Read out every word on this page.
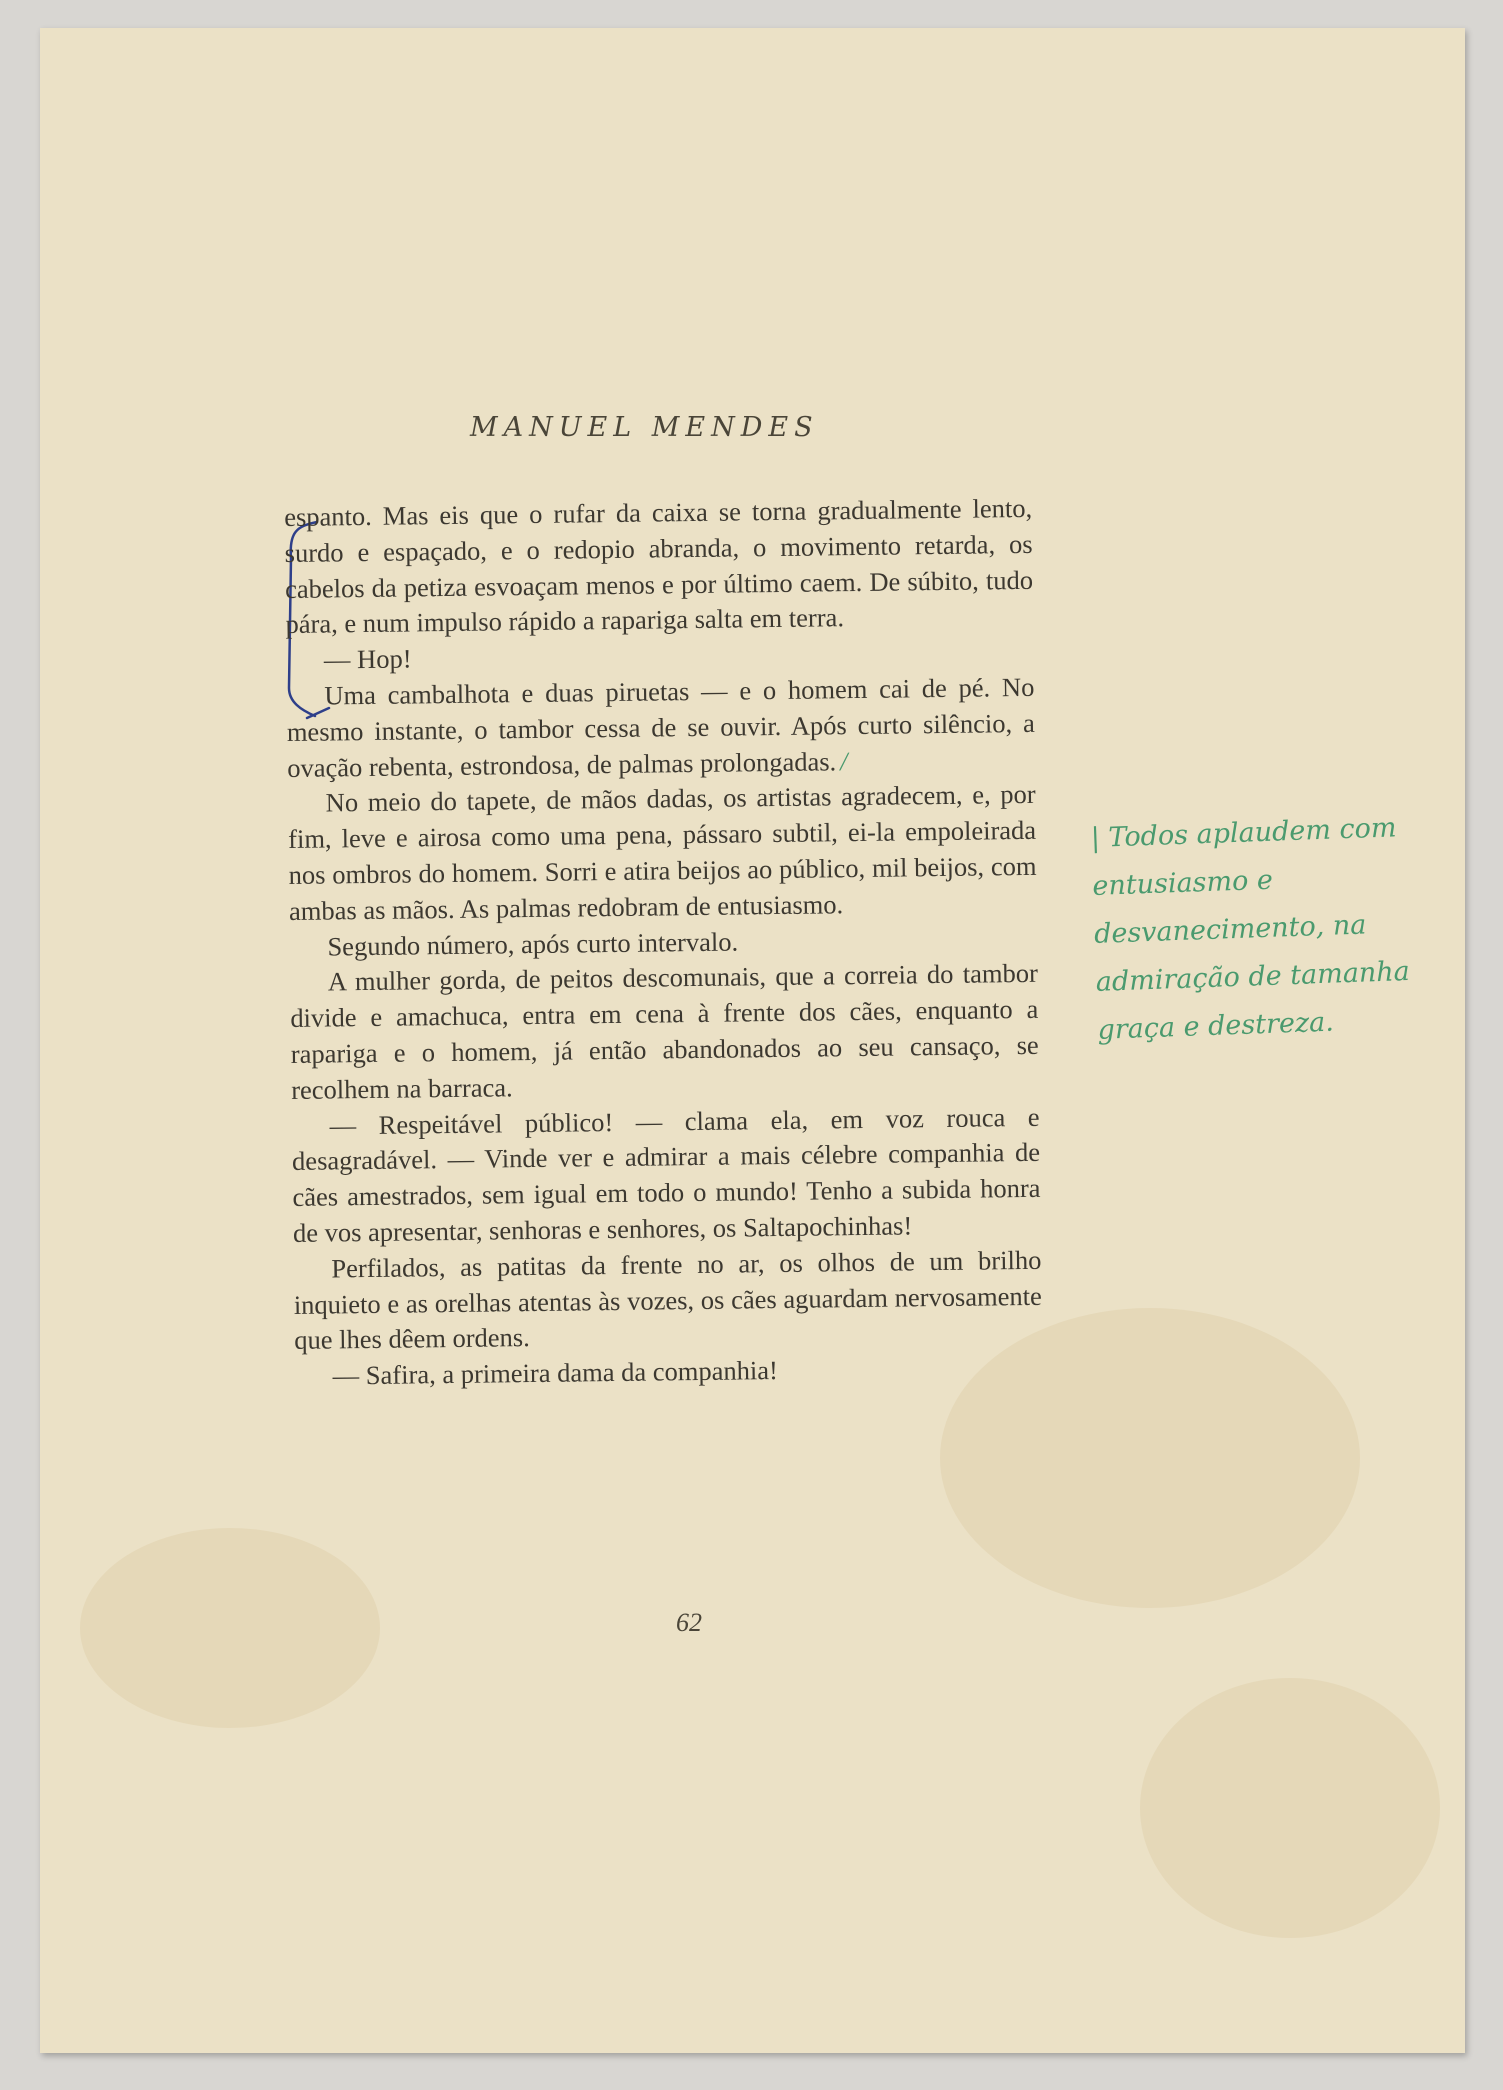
MANUEL MENDES

espanto. Mas eis que o rufar da caixa se torna gradualmente lento, surdo e espaçado, e o redopio abranda, o movimento retarda, os cabelos da petiza esvoaçam menos e por último caem. De súbito, tudo pára, e num impulso rápido a rapariga salta em terra.

— Hop!

Uma cambalhota e duas piruetas — e o homem cai de pé. No mesmo instante, o tambor cessa de se ouvir. Após curto silêncio, a ovação rebenta, estrondosa, de palmas prolongadas. /

No meio do tapete, de mãos dadas, os artistas agradecem, e, por fim, leve e airosa como uma pena, pássaro subtil, ei-la empoleirada nos ombros do homem. Sorri e atira beijos ao público, mil beijos, com ambas as mãos. As palmas redobram de entusiasmo.

Segundo número, após curto intervalo.

A mulher gorda, de peitos descomunais, que a correia do tambor divide e amachuca, entra em cena à frente dos cães, enquanto a rapariga e o homem, já então abandonados ao seu cansaço, se recolhem na barraca.

— Respeitável público! — clama ela, em voz rouca e desagradável. — Vinde ver e admirar a mais célebre companhia de cães amestrados, sem igual em todo o mundo! Tenho a subida honra de vos apresentar, senhoras e senhores, os Saltapochinhas!

Perfilados, as patitas da frente no ar, os olhos de um brilho inquieto e as orelhas atentas às vozes, os cães aguardam nervosamente que lhes dêem ordens.

— Safira, a primeira dama da companhia!

| Todos aplaudem com entusiasmo e desvanecimento, na admiração de tamanha graça e destreza.
62
